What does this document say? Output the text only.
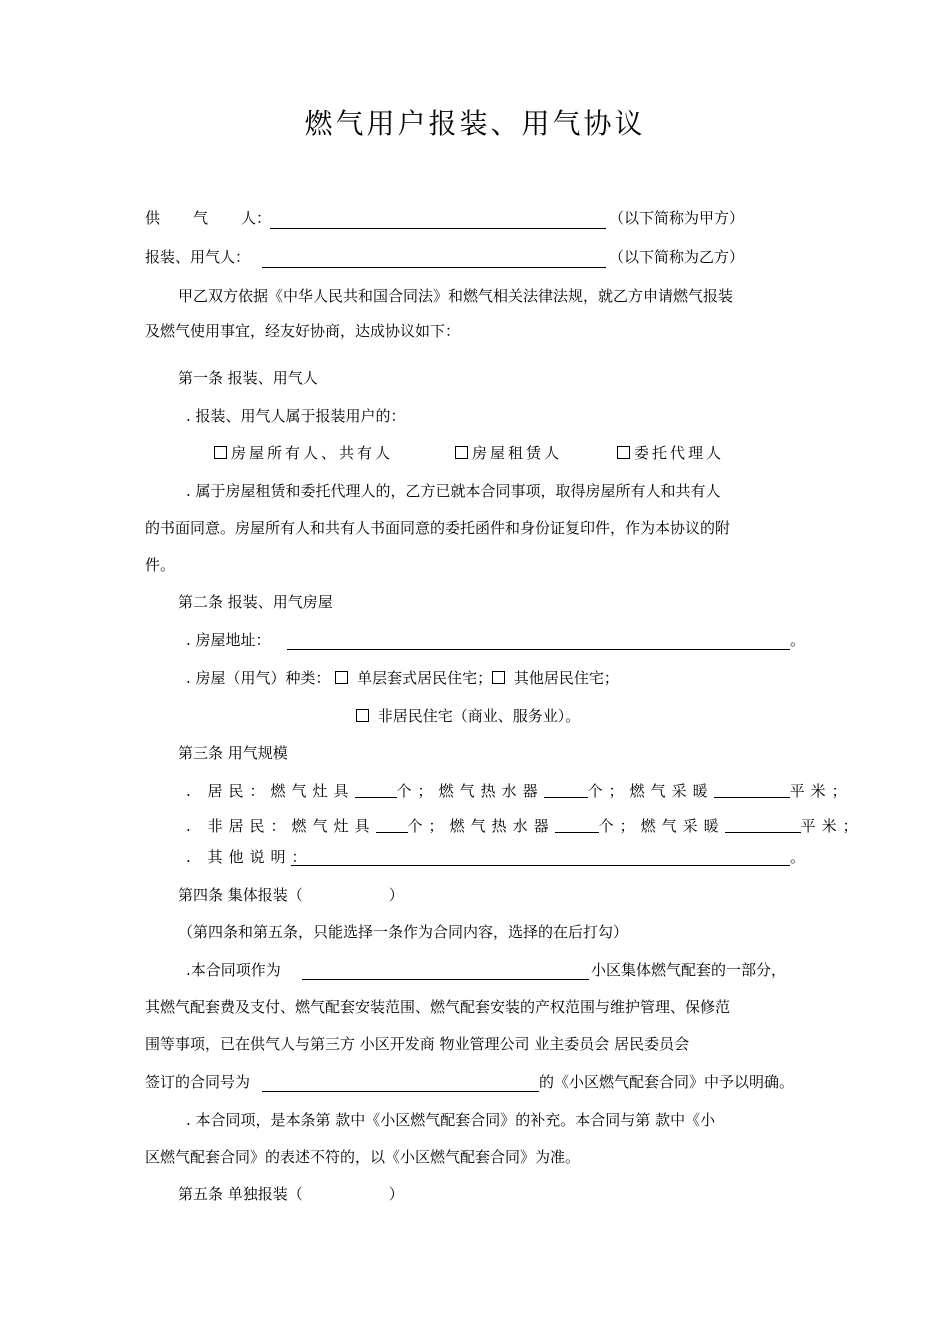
燃气用户报装、用气协议
供 气 人：	（以下简称为甲方）
报装、用气人：	（以下简称为乙方）
甲乙双方依据《中华人民共和国合同法》和燃气相关法律法规，就乙方申请燃气报装
及燃气使用事宜，经友好协商，达成协议如下：
第一条 报装、用气人
. 报装、用气人属于报装用户的：
房屋所有人、共有人	房屋租赁人	委托代理人
. 属于房屋租赁和委托代理人的，乙方已就本合同事项，取得房屋所有人和共有人
的书面同意。房屋所有人和共有人书面同意的委托函件和身份证复印件，作为本协议的附
件。
第二条 报装、用气房屋
. 房屋地址：	。
. 房屋（用气）种类： 单层套式居民住宅； 其他居民住宅；
非居民住宅（商业、服务业）。
第三条 用气规模
. 居民：燃气灶具	个；燃气热水器	个；燃气采暖	平米；
. 非居民：燃气灶具 个；燃气热水器	个；燃气采暖	平米；
. 其他说明：	。
第四条 集体报装（	）
（第四条和第五条，只能选择一条作为合同内容，选择的在后打勾）
.本合同项作为	小区集体燃气配套的一部分，
其燃气配套费及支付、燃气配套安装范围、燃气配套安装的产权范围与维护管理、保修范
围等事项，已在供气人与第三方 小区开发商 物业管理公司 业主委员会 居民委员会
签订的合同号为	的《小区燃气配套合同》中予以明确。
. 本合同项，是本条第 款中《小区燃气配套合同》的补充。本合同与第 款中《小
区燃气配套合同》的表述不符的，以《小区燃气配套合同》为准。
第五条 单独报装（	）
